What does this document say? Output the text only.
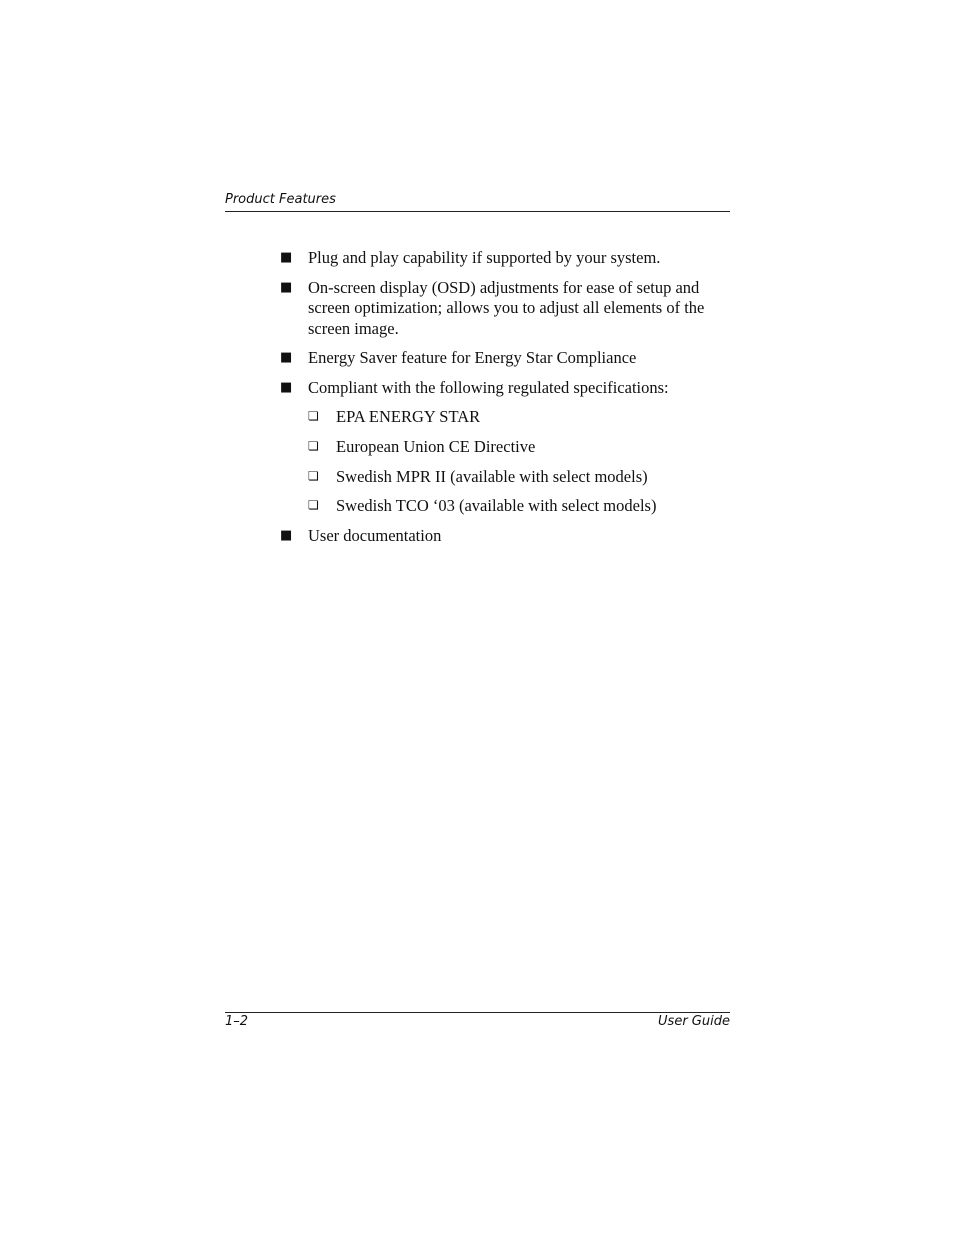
Product Features
■ Plug and play capability if supported by your system.
■ On-screen display (OSD) adjustments for ease of setup and
screen optimization; allows you to adjust all elements of the
screen image.
■ Energy Saver feature for Energy Star Compliance
■ Compliant with the following regulated specifications:
❏ EPA ENERGY STAR
❏ European Union CE Directive
❏ Swedish MPR II (available with select models)
❏ Swedish TCO ‘03 (available with select models)
■ User documentation
1–2	User Guide
